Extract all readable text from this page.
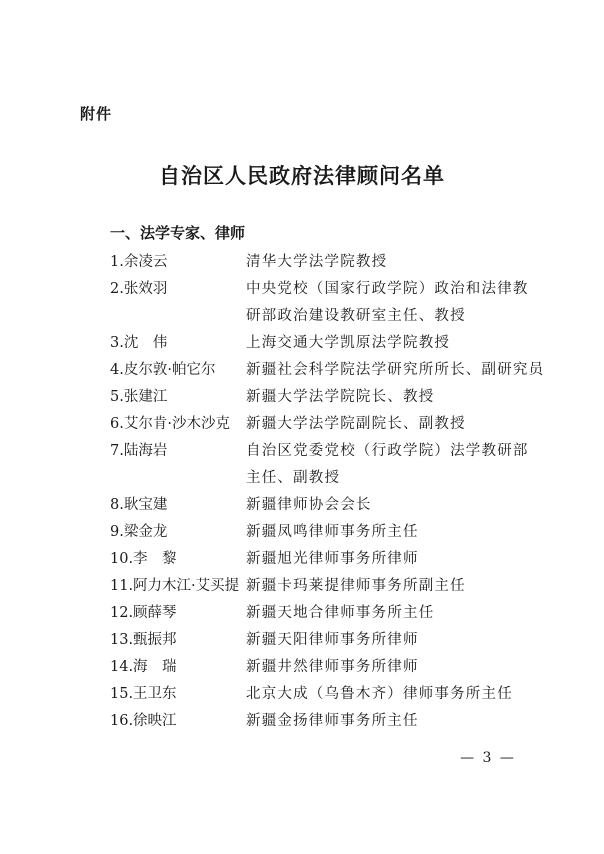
附件
自治区人民政府法律顾问名单
一、法学专家、律师
1.余凌云	清华大学法学院教授
2.张效羽	中央党校（国家行政学院）政治和法律教
研部政治建设教研室主任、教授
3.沈　伟	上海交通大学凯原法学院教授
4.皮尔敦·帕它尔	新疆社会科学院法学研究所所长、副研究员
5.张建江	新疆大学法学院院长、教授
6.艾尔肯·沙木沙克	新疆大学法学院副院长、副教授
7.陆海岩	自治区党委党校（行政学院）法学教研部
主任、副教授
8.耿宝建	新疆律师协会会长
9.梁金龙	新疆凤鸣律师事务所主任
10.李　黎	新疆旭光律师事务所律师
11.阿力木江·艾买提 新疆卡玛莱提律师事务所副主任
12.顾薛琴	新疆天地合律师事务所主任
13.甄振邦	新疆天阳律师事务所律师
14.海　瑞	新疆井然律师事务所律师
15.王卫东	北京大成（乌鲁木齐）律师事务所主任
16.徐映江	新疆金扬律师事务所主任
— 3 —
